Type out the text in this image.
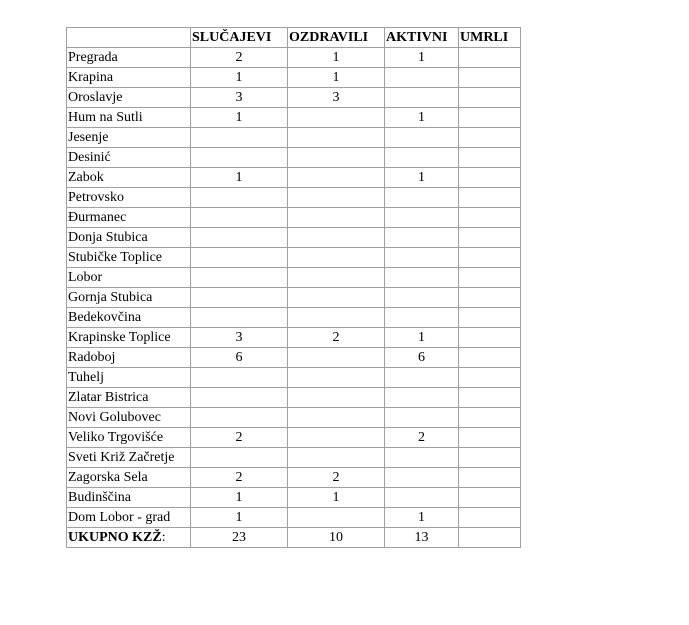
	SLUČAJEVI	OZDRAVILI	AKTIVNI	UMRLI
Pregrada	2	1	1	
Krapina	1	1		
Oroslavje	3	3		
Hum na Sutli	1		1	
Jesenje				
Desinić				
Zabok	1		1	
Petrovsko				
Đurmanec				
Donja Stubica				
Stubičke Toplice				
Lobor				
Gornja Stubica				
Bedekovčina				
Krapinske Toplice	3	2	1	
Radoboj	6		6	
Tuhelj				
Zlatar Bistrica				
Novi Golubovec				
Veliko Trgovišće	2		2	
Sveti Križ Začretje				
Zagorska Sela	2	2		
Budinščina	1	1		
Dom Lobor - grad	1		1	
UKUPNO KZŽ:	23	10	13	
